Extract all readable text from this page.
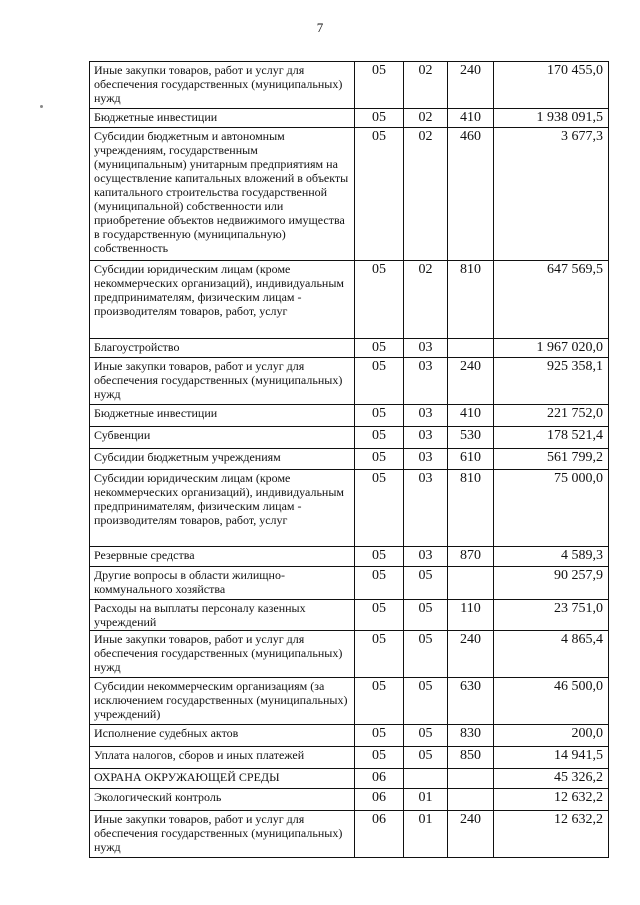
7
Иные закупки товаров, работ и услуг для обеспечения государственных (муниципальных) нужд	05	02	240	170 455,0
Бюджетные инвестиции	05	02	410	1 938 091,5
Субсидии бюджетным и автономным учреждениям, государственным (муниципальным) унитарным предприятиям на осуществление капитальных вложений в объекты капитального строительства государственной (муниципальной) собственности или приобретение объектов недвижимого имущества в государственную (муниципальную) собственность	05	02	460	3 677,3
Субсидии юридическим лицам (кроме некоммерческих организаций), индивидуальным предпринимателям, физическим лицам - производителям товаров, работ, услуг	05	02	810	647 569,5
Благоустройство	05	03		1 967 020,0
Иные закупки товаров, работ и услуг для обеспечения государственных (муниципальных) нужд	05	03	240	925 358,1
Бюджетные инвестиции	05	03	410	221 752,0
Субвенции	05	03	530	178 521,4
Субсидии бюджетным учреждениям	05	03	610	561 799,2
Субсидии юридическим лицам (кроме некоммерческих организаций), индивидуальным предпринимателям, физическим лицам - производителям товаров, работ, услуг	05	03	810	75 000,0
Резервные средства	05	03	870	4 589,3
Другие вопросы в области жилищно-коммунального хозяйства	05	05		90 257,9
Расходы на выплаты персоналу казенных учреждений	05	05	110	23 751,0
Иные закупки товаров, работ и услуг для обеспечения государственных (муниципальных) нужд	05	05	240	4 865,4
Субсидии некоммерческим организациям (за исключением государственных (муниципальных) учреждений)	05	05	630	46 500,0
Исполнение судебных актов	05	05	830	200,0
Уплата налогов, сборов и иных платежей	05	05	850	14 941,5
ОХРАНА ОКРУЖАЮЩЕЙ СРЕДЫ	06			45 326,2
Экологический контроль	06	01		12 632,2
Иные закупки товаров, работ и услуг для обеспечения государственных (муниципальных) нужд	06	01	240	12 632,2
